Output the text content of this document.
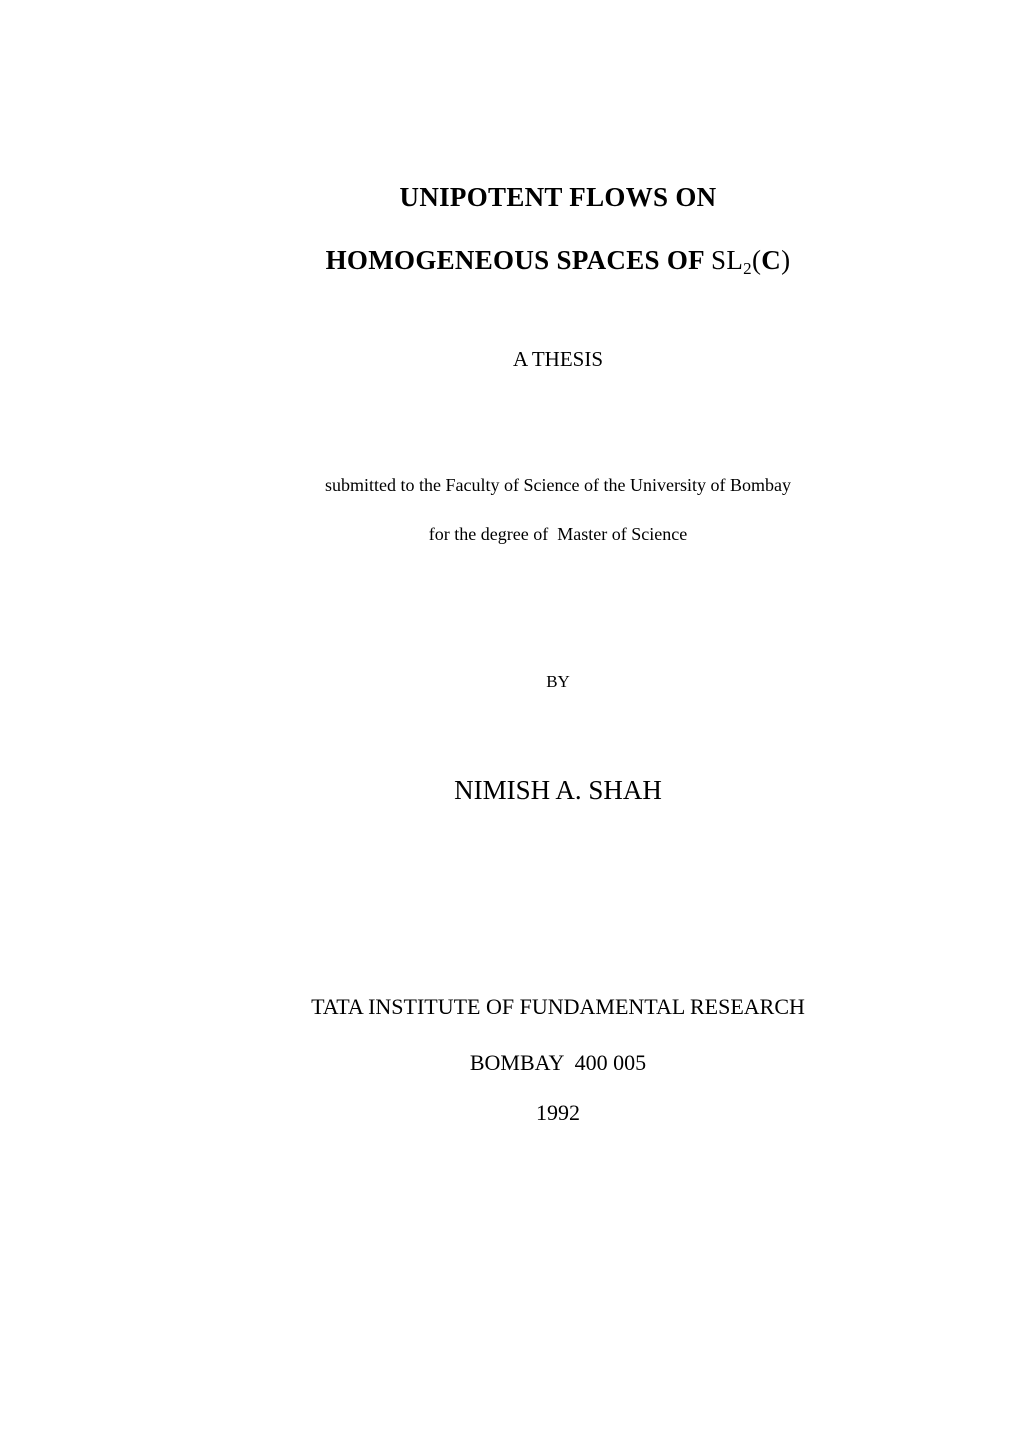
UNIPOTENT FLOWS ON
HOMOGENEOUS SPACES OF $SL_2(C)$

A THESIS

submitted to the Faculty of Science of the University of Bombay

for the degree of  Master of Science

BY

NIMISH A. SHAH

TATA INSTITUTE OF FUNDAMENTAL RESEARCH

BOMBAY  400 005

1992
